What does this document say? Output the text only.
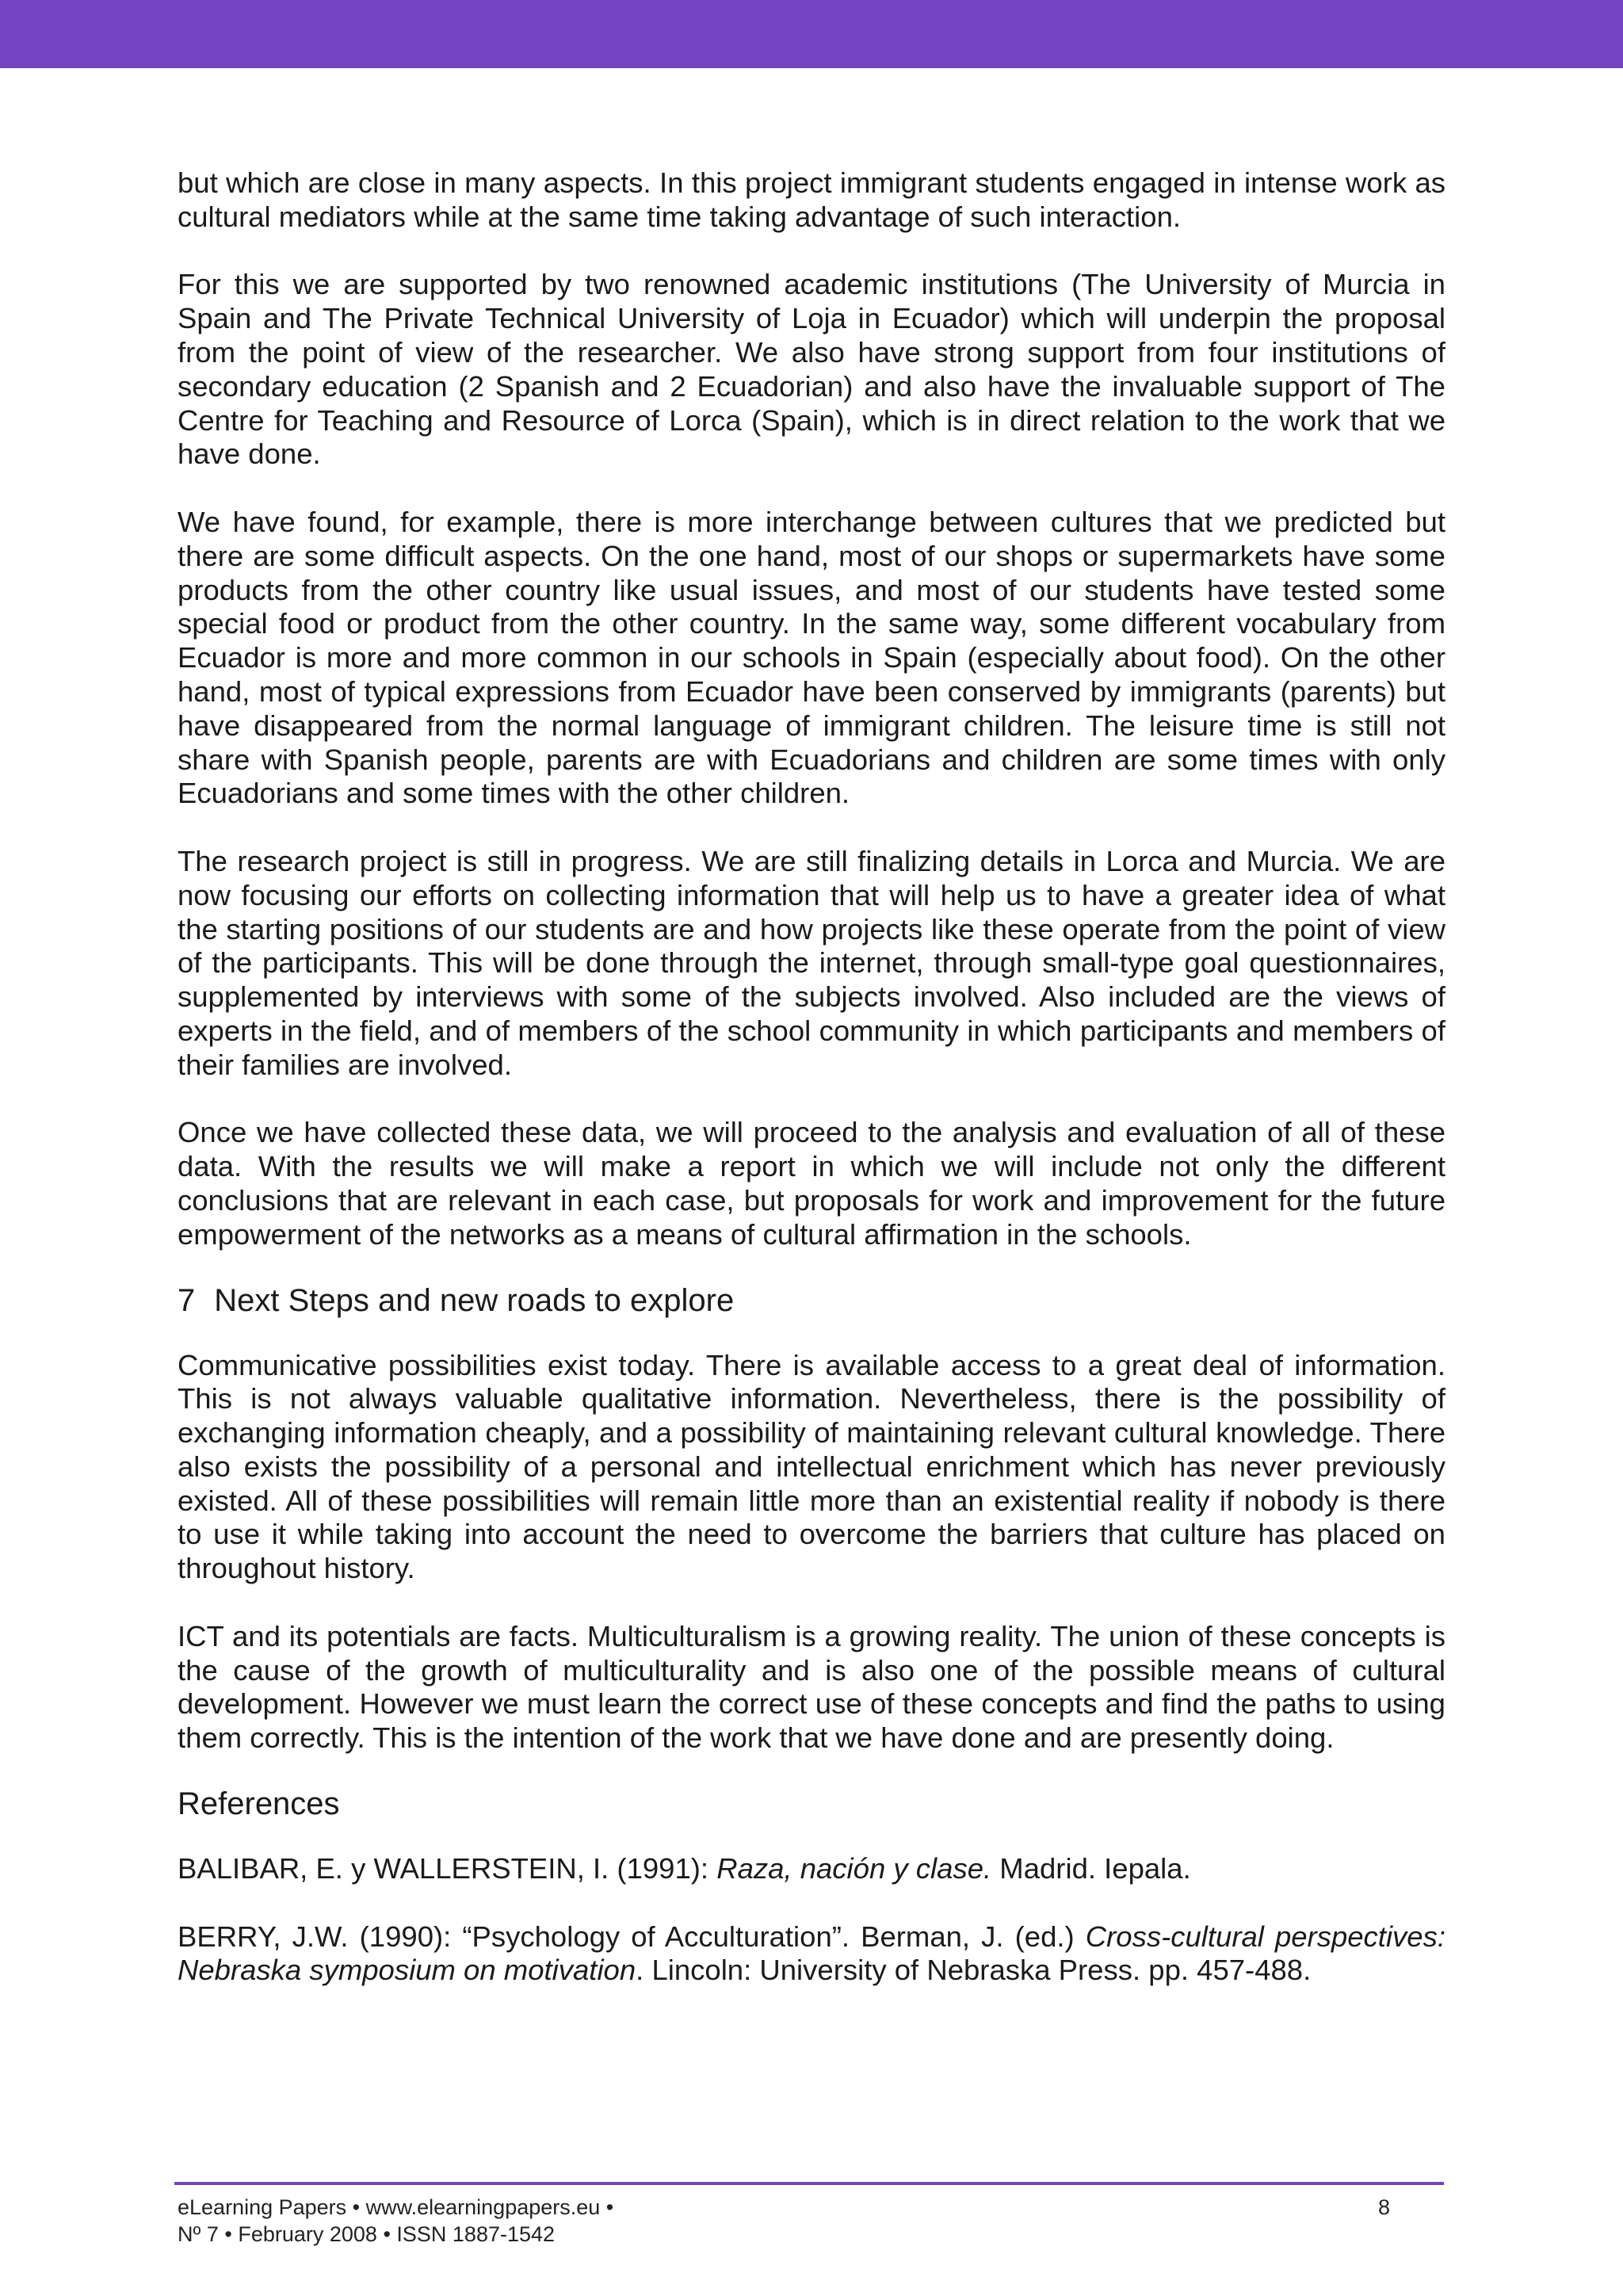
but which are close in many aspects. In this project immigrant students engaged in intense work as cultural mediators while at the same time taking advantage of such interaction.

For this we are supported by two renowned academic institutions (The University of Murcia in Spain and The Private Technical University of Loja in Ecuador) which will underpin the proposal from the point of view of the researcher. We also have strong support from four institutions of secondary education (2 Spanish and 2 Ecuadorian) and also have the invaluable support of The Centre for Teaching and Resource of Lorca (Spain), which is in direct relation to the work that we have done.

We have found, for example, there is more interchange between cultures that we predicted but there are some difficult aspects. On the one hand, most of our shops or supermarkets have some products from the other country like usual issues, and most of our students have tested some special food or product from the other country. In the same way, some different vocabulary from Ecuador is more and more common in our schools in Spain (especially about food). On the other hand, most of typical expressions from Ecuador have been conserved by immigrants (parents) but have disappeared from the normal language of immigrant children. The leisure time is still not share with Spanish people, parents are with Ecuadorians and children are some times with only Ecuadorians and some times with the other children.

The research project is still in progress. We are still finalizing details in Lorca and Murcia. We are now focusing our efforts on collecting information that will help us to have a greater idea of what the starting positions of our students are and how projects like these operate from the point of view of the participants. This will be done through the internet, through small-type goal questionnaires, supplemented by interviews with some of the subjects involved. Also included are the views of experts in the field, and of members of the school community in which participants and members of their families are involved.

Once we have collected these data, we will proceed to the analysis and evaluation of all of these data. With the results we will make a report in which we will include not only the different conclusions that are relevant in each case, but proposals for work and improvement for the future empowerment of the networks as a means of cultural affirmation in the schools.

7 Next Steps and new roads to explore

Communicative possibilities exist today. There is available access to a great deal of information. This is not always valuable qualitative information. Nevertheless, there is the possibility of exchanging information cheaply, and a possibility of maintaining relevant cultural knowledge. There also exists the possibility of a personal and intellectual enrichment which has never previously existed. All of these possibilities will remain little more than an existential reality if nobody is there to use it while taking into account the need to overcome the barriers that culture has placed on throughout history.

ICT and its potentials are facts. Multiculturalism is a growing reality. The union of these concepts is the cause of the growth of multiculturality and is also one of the possible means of cultural development. However we must learn the correct use of these concepts and find the paths to using them correctly. This is the intention of the work that we have done and are presently doing.

References

BALIBAR, E. y WALLERSTEIN, I. (1991): Raza, nación y clase. Madrid. Iepala.

BERRY, J.W. (1990): “Psychology of Acculturation”. Berman, J. (ed.) Cross-cultural perspectives: Nebraska symposium on motivation. Lincoln: University of Nebraska Press. pp. 457-488.

eLearning Papers • www.elearningpapers.eu •
Nº 7 • February 2008 • ISSN 1887-1542
8
